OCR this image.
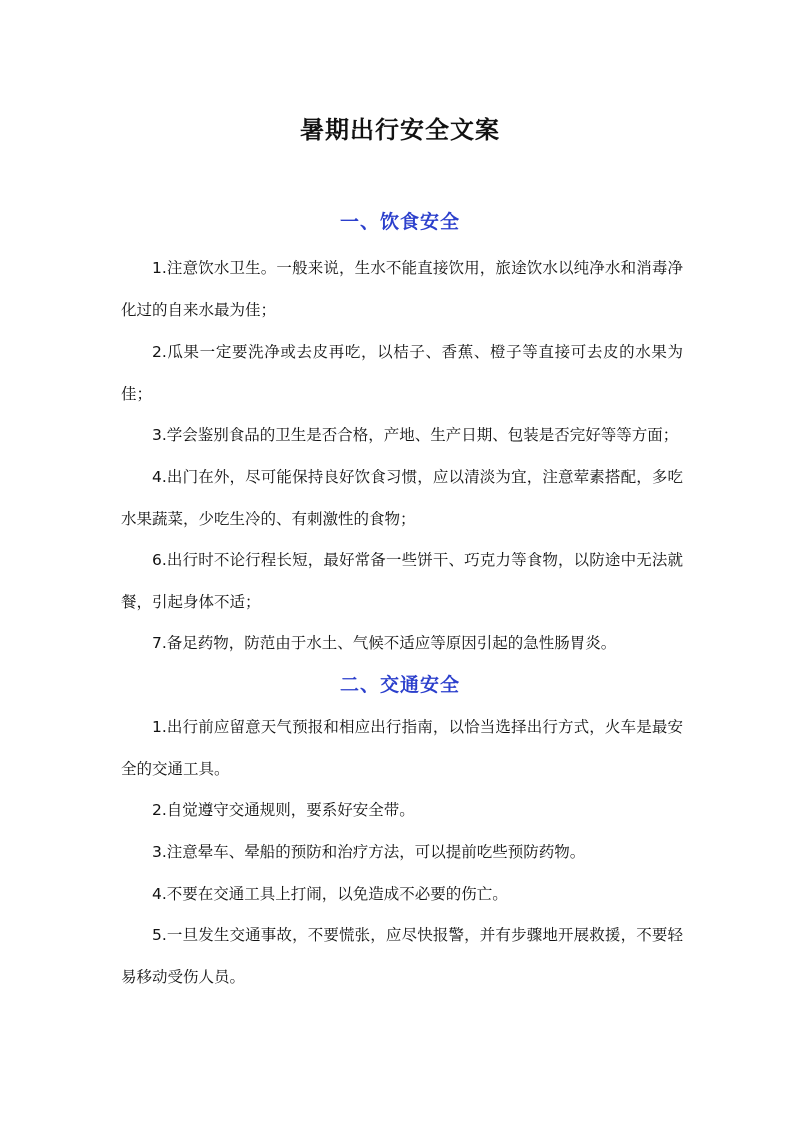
暑期出行安全文案
一、饮食安全

1.注意饮水卫生。一般来说，生水不能直接饮用，旅途饮水以纯净水和消毒净化过的自来水最为佳；

2.瓜果一定要洗净或去皮再吃，以桔子、香蕉、橙子等直接可去皮的水果为佳；

3.学会鉴别食品的卫生是否合格，产地、生产日期、包装是否完好等等方面；

4.出门在外，尽可能保持良好饮食习惯，应以清淡为宜，注意荤素搭配，多吃水果蔬菜，少吃生冷的、有刺激性的食物；

6.出行时不论行程长短，最好常备一些饼干、巧克力等食物，以防途中无法就餐，引起身体不适；

7.备足药物，防范由于水土、气候不适应等原因引起的急性肠胃炎。

二、交通安全

1.出行前应留意天气预报和相应出行指南，以恰当选择出行方式，火车是最安全的交通工具。

2.自觉遵守交通规则，要系好安全带。

3.注意晕车、晕船的预防和治疗方法，可以提前吃些预防药物。

4.不要在交通工具上打闹，以免造成不必要的伤亡。

5.一旦发生交通事故，不要慌张，应尽快报警，并有步骤地开展救援，不要轻易移动受伤人员。
